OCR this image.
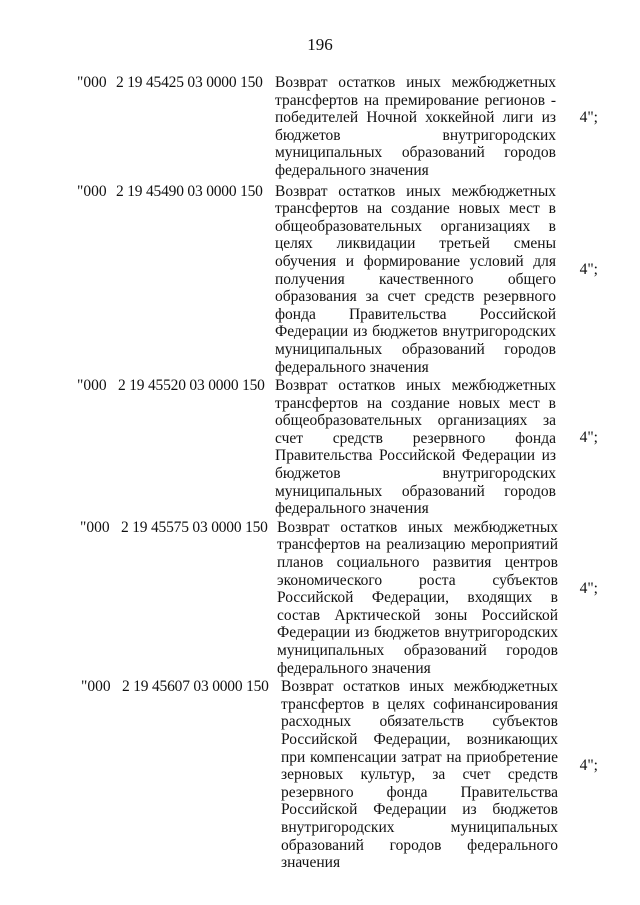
196
"000 2 19 45425 03 0000 150 Возврат остатков иных межбюджетных трансфертов на премирование регионов - победителей Ночной хоккейной лиги из бюджетов внутригородских муниципальных образований городов федерального значения
4";
"000 2 19 45490 03 0000 150 Возврат остатков иных межбюджетных трансфертов на создание новых мест в общеобразовательных организациях в целях ликвидации третьей смены обучения и формирование условий для получения качественного общего образования за счет средств резервного фонда Правительства Российской Федерации из бюджетов внутригородских муниципальных образований городов федерального значения
4";
"000 2 19 45520 03 0000 150 Возврат остатков иных межбюджетных трансфертов на создание новых мест в общеобразовательных организациях за счет средств резервного фонда Правительства Российской Федерации из бюджетов внутригородских муниципальных образований городов федерального значения
4";
"000 2 19 45575 03 0000 150 Возврат остатков иных межбюджетных трансфертов на реализацию мероприятий планов социального развития центров экономического роста субъектов Российской Федерации, входящих в состав Арктической зоны Российской Федерации из бюджетов внутригородских муниципальных образований городов федерального значения
4";
"000 2 19 45607 03 0000 150 Возврат остатков иных межбюджетных трансфертов в целях софинансирования расходных обязательств субъектов Российской Федерации, возникающих при компенсации затрат на приобретение зерновых культур, за счет средств резервного фонда Правительства Российской Федерации из бюджетов внутригородских муниципальных образований городов федерального значения
4";
